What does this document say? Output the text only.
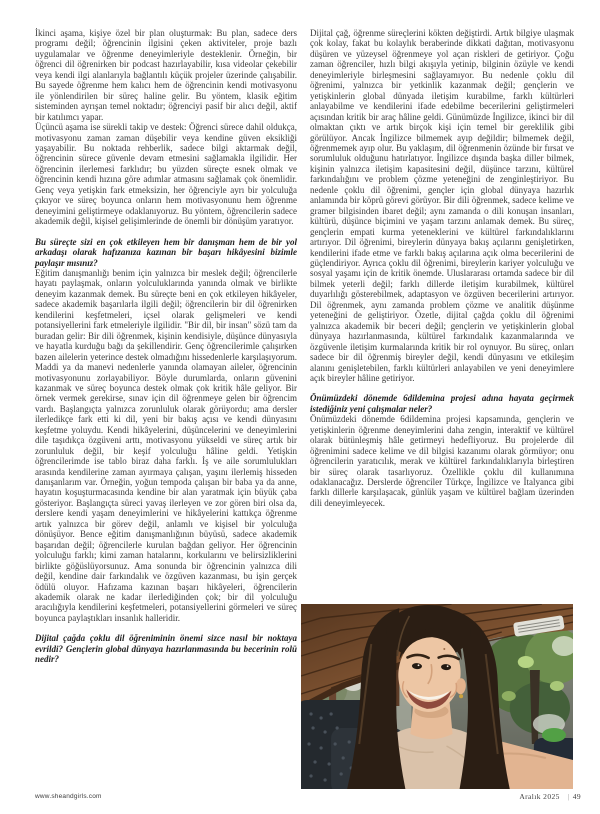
İkinci aşama, kişiye özel bir plan oluşturmak: Bu plan, sadece ders programı değil; öğrencinin ilgisini çeken aktiviteler, proje bazlı uygulamalar ve öğrenme deneyimleriyle desteklenir. Örneğin, bir öğrenci dil öğrenirken bir podcast hazırlayabilir, kısa videolar çekebilir veya kendi ilgi alanlarıyla bağlantılı küçük projeler üzerinde çalışabilir. Bu sayede öğrenme hem kalıcı hem de öğrencinin kendi motivasyonu ile yönlendirilen bir süreç haline gelir. Bu yöntem, klasik eğitim sisteminden ayrışan temel noktadır; öğrenciyi pasif bir alıcı değil, aktif bir katılımcı yapar.

Üçüncü aşama ise sürekli takip ve destek: Öğrenci sürece dahil oldukça, motivasyonu zaman zaman düşebilir veya kendine güven eksikliği yaşayabilir. Bu noktada rehberlik, sadece bilgi aktarmak değil, öğrencinin sürece güvenle devam etmesini sağlamakla ilgilidir. Her öğrencinin ilerlemesi farklıdır; bu yüzden süreçte esnek olmak ve öğrencinin kendi hızına göre adımlar atmasını sağlamak çok önemlidir. Genç veya yetişkin fark etmeksizin, her öğrenciyle ayrı bir yolculuğa çıkıyor ve süreç boyunca onların hem motivasyonunu hem öğrenme deneyimini geliştirmeye odaklanıyoruz. Bu yöntem, öğrencilerin sadece akademik değil, kişisel gelişimlerinde de önemli bir dönüşüm yaratıyor.

Bu süreçte sizi en çok etkileyen hem bir danışman hem de bir yol arkadaşı olarak hafızanıza kazınan bir başarı hikâyesini bizimle paylaşır mısınız?

Eğitim danışmanlığı benim için yalnızca bir meslek değil; öğrencilerle hayatı paylaşmak, onların yolculuklarında yanında olmak ve birlikte deneyim kazanmak demek. Bu süreçte beni en çok etkileyen hikâyeler, sadece akademik başarılarla ilgili değil; öğrencilerin bir dil öğrenirken kendilerini keşfetmeleri, içsel olarak gelişmeleri ve kendi potansiyellerini fark etmeleriyle ilgilidir. "Bir dil, bir insan" sözü tam da buradan gelir: Bir dili öğrenmek, kişinin kendisiyle, düşünce dünyasıyla ve hayatla kurduğu bağı da şekillendirir. Genç öğrencilerimle çalışırken bazen ailelerin yeterince destek olmadığını hissedenlerle karşılaşıyorum. Maddi ya da manevi nedenlerle yanında olamayan aileler, öğrencinin motivasyonunu zorlayabiliyor. Böyle durumlarda, onların güvenini kazanmak ve süreç boyunca destek olmak çok kritik hâle geliyor. Bir örnek vermek gerekirse, sınav için dil öğrenmeye gelen bir öğrencim vardı. Başlangıçta yalnızca zorunluluk olarak görüyordu; ama dersler ilerledikçe fark etti ki dil, yeni bir bakış açısı ve kendi dünyasını keşfetme yoluydu. Kendi hikâyelerini, düşüncelerini ve deneyimlerini dile taşıdıkça özgüveni arttı, motivasyonu yükseldi ve süreç artık bir zorunluluk değil, bir keşif yolculuğu hâline geldi. Yetişkin öğrencilerimde ise tablo biraz daha farklı. İş ve aile sorumlulukları arasında kendilerine zaman ayırmaya çalışan, yaşını ilerlemiş hisseden danışanlarım var. Örneğin, yoğun tempoda çalışan bir baba ya da anne, hayatın koşuşturmacasında kendine bir alan yaratmak için büyük çaba gösteriyor. Başlangıçta süreci yavaş ilerleyen ve zor gören biri olsa da, derslere kendi yaşam deneyimlerini ve hikâyelerini kattıkça öğrenme artık yalnızca bir görev değil, anlamlı ve kişisel bir yolculuğa dönüşüyor. Bence eğitim danışmanlığının büyüsü, sadece akademik başarıdan değil; öğrencilerle kurulan bağdan geliyor. Her öğrencinin yolculuğu farklı; kimi zaman hatalarını, korkularını ve belirsizliklerini birlikte göğüslüyorsunuz. Ama sonunda bir öğrencinin yalnızca dili değil, kendine dair farkındalık ve özgüven kazanması, bu işin gerçek ödülü oluyor. Hafızama kazınan başarı hikâyeleri, öğrencilerin akademik olarak ne kadar ilerlediğinden çok; bir dil yolculuğu aracılığıyla kendilerini keşfetmeleri, potansiyellerini görmeleri ve süreç boyunca paylaştıkları insanlık halleridir.

Dijital çağda çoklu dil öğreniminin önemi sizce nasıl bir noktaya evrildi? Gençlerin global dünyaya hazırlanmasında bu becerinin rolü nedir?

Dijital çağ, öğrenme süreçlerini kökten değiştirdi. Artık bilgiye ulaşmak çok kolay, fakat bu kolaylık beraberinde dikkati dağıtan, motivasyonu düşüren ve yüzeysel öğrenmeye yol açan riskleri de getiriyor. Çoğu zaman öğrenciler, hızlı bilgi akışıyla yetinip, bilginin özüyle ve kendi deneyimleriyle birleşmesini sağlayamıyor. Bu nedenle çoklu dil öğrenimi, yalnızca bir yetkinlik kazanmak değil; gençlerin ve yetişkinlerin global dünyada iletişim kurabilme, farklı kültürleri anlayabilme ve kendilerini ifade edebilme becerilerini geliştirmeleri açısından kritik bir araç hâline geldi. Günümüzde İngilizce, ikinci bir dil olmaktan çıktı ve artık birçok kişi için temel bir gereklilik gibi görülüyor. Ancak İngilizce bilmemek ayıp değildir; bilmemek değil, öğrenmemek ayıp olur. Bu yaklaşım, dil öğrenmenin özünde bir fırsat ve sorumluluk olduğunu hatırlatıyor. İngilizce dışında başka diller bilmek, kişinin yalnızca iletişim kapasitesini değil, düşünce tarzını, kültürel farkındalığını ve problem çözme yeteneğini de zenginleştiriyor. Bu nedenle çoklu dil öğrenimi, gençler için global dünyaya hazırlık anlamında bir köprü görevi görüyor. Bir dili öğrenmek, sadece kelime ve gramer bilgisinden ibaret değil; aynı zamanda o dili konuşan insanları, kültürü, düşünce biçimini ve yaşam tarzını anlamak demek. Bu süreç, gençlerin empati kurma yeteneklerini ve kültürel farkındalıklarını artırıyor. Dil öğrenimi, bireylerin dünyaya bakış açılarını genişletirken, kendilerini ifade etme ve farklı bakış açılarına açık olma becerilerini de güçlendiriyor. Ayrıca çoklu dil öğrenimi, bireylerin kariyer yolculuğu ve sosyal yaşamı için de kritik önemde. Uluslararası ortamda sadece bir dil bilmek yeterli değil; farklı dillerde iletişim kurabilmek, kültürel duyarlılığı gösterebilmek, adaptasyon ve özgüven becerilerini artırıyor. Dil öğrenmek, aynı zamanda problem çözme ve analitik düşünme yeteneğini de geliştiriyor. Özetle, dijital çağda çoklu dil öğrenimi yalnızca akademik bir beceri değil; gençlerin ve yetişkinlerin global dünyaya hazırlanmasında, kültürel farkındalık kazanmalarında ve özgüvenle iletişim kurmalarında kritik bir rol oynuyor. Bu süreç, onları sadece bir dil öğrenmiş bireyler değil, kendi dünyasını ve etkileşim alanını genişletebilen, farklı kültürleri anlayabilen ve yeni deneyimlere açık bireyler hâline getiriyor.

Önümüzdeki dönemde 6dildemina projesi adına hayata geçirmek istediğiniz yeni çalışmalar neler?

Önümüzdeki dönemde 6dildemina projesi kapsamında, gençlerin ve yetişkinlerin öğrenme deneyimlerini daha zengin, interaktif ve kültürel olarak bütünleşmiş hâle getirmeyi hedefliyoruz. Bu projelerde dil öğrenimini sadece kelime ve dil bilgisi kazanımı olarak görmüyor; onu öğrencilerin yaratıcılık, merak ve kültürel farkındalıklarıyla birleştiren bir süreç olarak tasarlıyoruz. Özellikle çoklu dil kullanımına odaklanacağız. Derslerde öğrenciler Türkçe, İngilizce ve İtalyanca gibi farklı dillerle karşılaşacak, günlük yaşam ve kültürel bağlam üzerinden dili deneyimleyecek.

www.sheandgirls.com	Aralık 2025 | 49
